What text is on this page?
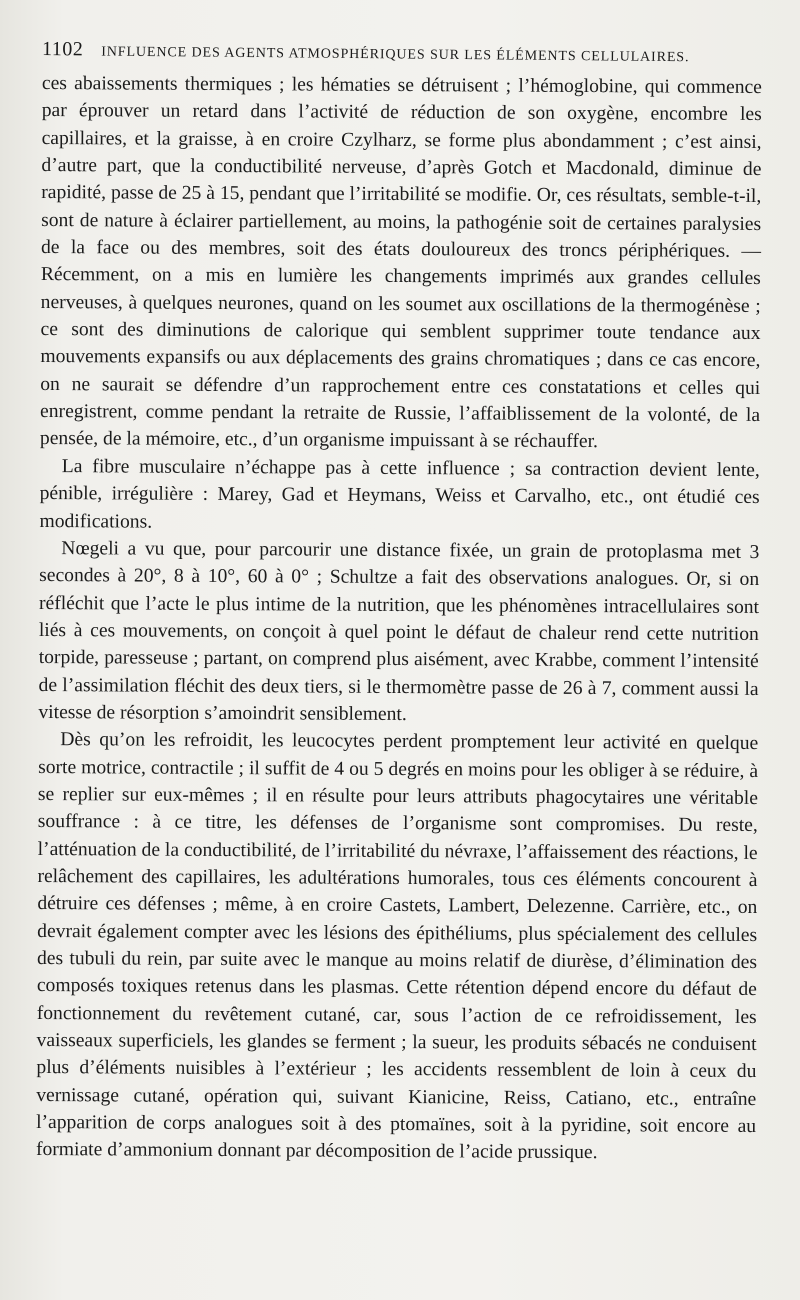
1102 INFLUENCE DES AGENTS ATMOSPHÉRIQUES SUR LES ÉLÉMENTS CELLULAIRES.

ces abaissements thermiques ; les hématies se détruisent ; l’hémoglobine, qui commence par éprouver un retard dans l’activité de réduction de son oxygène, encombre les capillaires, et la graisse, à en croire Czylharz, se forme plus abondamment ; c’est ainsi, d’autre part, que la conductibilité nerveuse, d’après Gotch et Macdonald, diminue de rapidité, passe de 25 à 15, pendant que l’irritabilité se modifie. Or, ces résultats, semble-t-il, sont de nature à éclairer partiellement, au moins, la pathogénie soit de certaines paralysies de la face ou des membres, soit des états douloureux des troncs périphériques. — Récemment, on a mis en lumière les changements imprimés aux grandes cellules nerveuses, à quelques neurones, quand on les soumet aux oscillations de la thermogénèse ; ce sont des diminutions de calorique qui semblent supprimer toute tendance aux mouvements expansifs ou aux déplacements des grains chromatiques ; dans ce cas encore, on ne saurait se défendre d’un rapprochement entre ces constatations et celles qui enregistrent, comme pendant la retraite de Russie, l’affaiblissement de la volonté, de la pensée, de la mémoire, etc., d’un organisme impuissant à se réchauffer.

La fibre musculaire n’échappe pas à cette influence ; sa contraction devient lente, pénible, irrégulière : Marey, Gad et Heymans, Weiss et Carvalho, etc., ont étudié ces modifications.

Nœgeli a vu que, pour parcourir une distance fixée, un grain de protoplasma met 3 secondes à 20°, 8 à 10°, 60 à 0° ; Schultze a fait des observations analogues. Or, si on réfléchit que l’acte le plus intime de la nutrition, que les phénomènes intracellulaires sont liés à ces mouvements, on conçoit à quel point le défaut de chaleur rend cette nutrition torpide, paresseuse ; partant, on comprend plus aisément, avec Krabbe, comment l’intensité de l’assimilation fléchit des deux tiers, si le thermomètre passe de 26 à 7, comment aussi la vitesse de résorption s’amoindrit sensiblement.

Dès qu’on les refroidit, les leucocytes perdent promptement leur activité en quelque sorte motrice, contractile ; il suffit de 4 ou 5 degrés en moins pour les obliger à se réduire, à se replier sur eux-mêmes ; il en résulte pour leurs attributs phagocytaires une véritable souffrance : à ce titre, les défenses de l’organisme sont compromises. Du reste, l’atténuation de la conductibilité, de l’irritabilité du névraxe, l’affaissement des réactions, le relâchement des capillaires, les adultérations humorales, tous ces éléments concourent à détruire ces défenses ; même, à en croire Castets, Lambert, Delezenne. Carrière, etc., on devrait également compter avec les lésions des épithéliums, plus spécialement des cellules des tubuli du rein, par suite avec le manque au moins relatif de diurèse, d’élimination des composés toxiques retenus dans les plasmas. Cette rétention dépend encore du défaut de fonctionnement du revêtement cutané, car, sous l’action de ce refroidissement, les vaisseaux superficiels, les glandes se ferment ; la sueur, les produits sébacés ne conduisent plus d’éléments nuisibles à l’extérieur ; les accidents ressemblent de loin à ceux du vernissage cutané, opération qui, suivant Kianicine, Reiss, Catiano, etc., entraîne l’apparition de corps analogues soit à des ptomaïnes, soit à la pyridine, soit encore au formiate d’ammonium donnant par décomposition de l’acide prussique.
